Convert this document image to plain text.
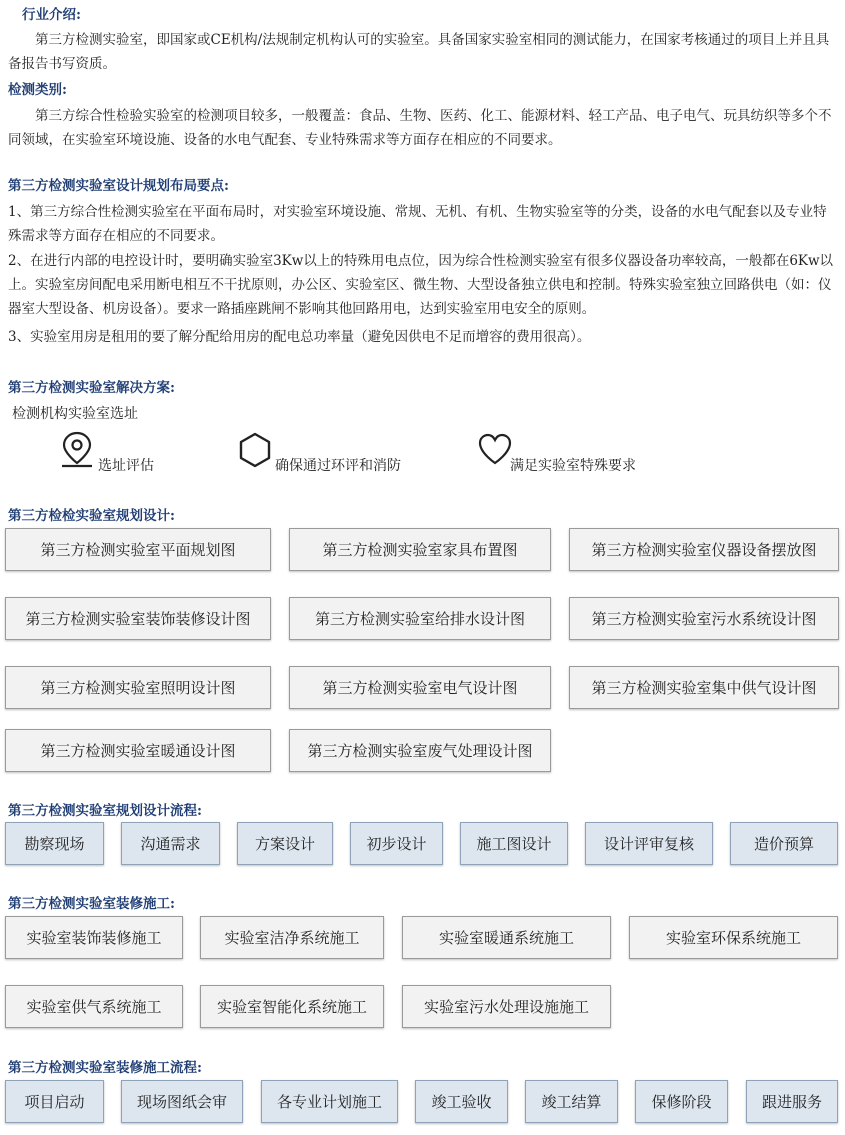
行业介绍:
第三方检测实验室，即国家或CE机构/法规制定机构认可的实验室。具备国家实验室相同的测试能力，在国家考核通过的项目上并且具备报告书写资质。
检测类别:
第三方综合性检验实验室的检测项目较多，一般覆盖：食品、生物、医药、化工、能源材料、轻工产品、电子电气、玩具纺织等多个不同领域，在实验室环境设施、设备的水电气配套、专业特殊需求等方面存在相应的不同要求。
第三方检测实验室设计规划布局要点:
1、第三方综合性检测实验室在平面布局时，对实验室环境设施、常规、无机、有机、生物实验室等的分类，设备的水电气配套以及专业特殊需求等方面存在相应的不同要求。
2、在进行内部的电控设计时，要明确实验室3Kw以上的特殊用电点位，因为综合性检测实验室有很多仪器设备功率较高，一般都在6Kw以上。实验室房间配电采用断电相互不干扰原则，办公区、实验室区、微生物、大型设备独立供电和控制。特殊实验室独立回路供电（如：仪器室大型设备、机房设备）。要求一路插座跳闸不影响其他回路用电，达到实验室用电安全的原则。
3、实验室用房是租用的要了解分配给用房的配电总功率量（避免因供电不足而增容的费用很高）。
第三方检测实验室解决方案:
检测机构实验室选址
选址评估	确保通过环评和消防	满足实验室特殊要求
第三方检检实验室规划设计:
第三方检测实验室平面规划图	第三方检测实验室家具布置图	第三方检测实验室仪器设备摆放图
第三方检测实验室装饰装修设计图	第三方检测实验室给排水设计图	第三方检测实验室污水系统设计图
第三方检测实验室照明设计图	第三方检测实验室电气设计图	第三方检测实验室集中供气设计图
第三方检测实验室暖通设计图	第三方检测实验室废气处理设计图
第三方检测实验室规划设计流程:
勘察现场	沟通需求	方案设计	初步设计	施工图设计	设计评审复核	造价预算
第三方检测实验室装修施工:
实验室装饰装修施工	实验室洁净系统施工	实验室暖通系统施工	实验室环保系统施工
实验室供气系统施工	实验室智能化系统施工	实验室污水处理设施施工
第三方检测实验室装修施工流程:
项目启动	现场图纸会审	各专业计划施工	竣工验收	竣工结算	保修阶段	跟进服务
